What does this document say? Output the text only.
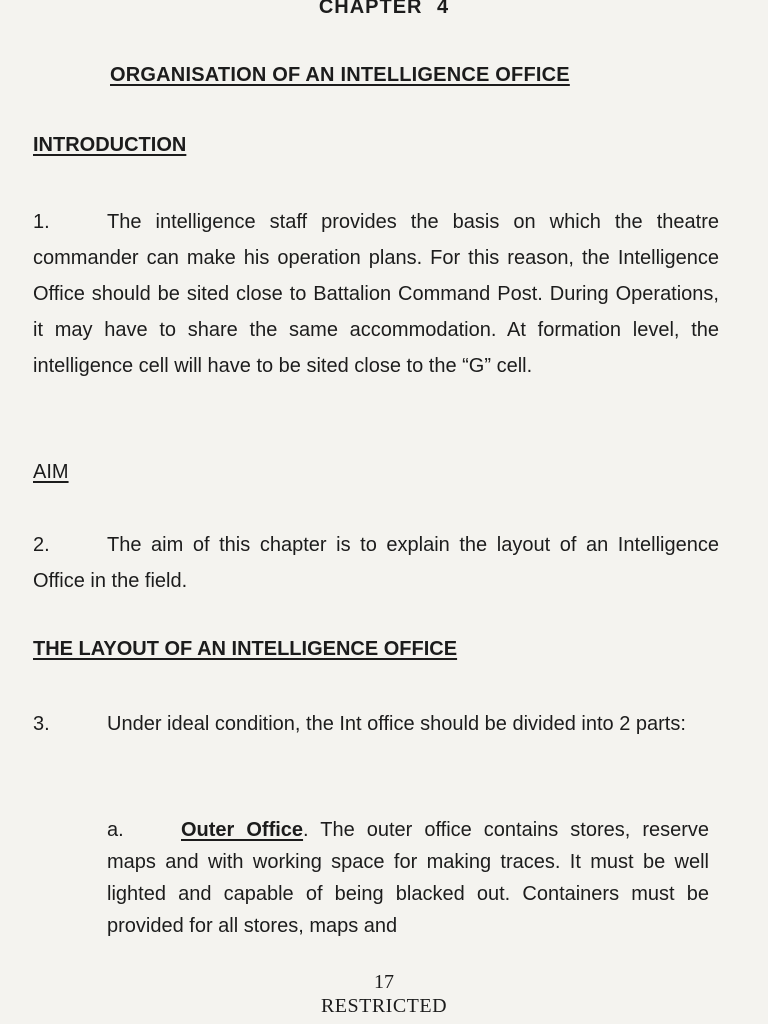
CHAPTER 4
ORGANISATION OF AN INTELLIGENCE OFFICE
INTRODUCTION

1.	The intelligence staff provides the basis on which the theatre commander can make his operation plans. For this reason, the Intelligence Office should be sited close to Battalion Command Post. During Operations, it may have to share the same accommodation. At formation level, the intelligence cell will have to be sited close to the “G” cell.

AIM

2.	The aim of this chapter is to explain the layout of an Intelligence Office in the field.

THE LAYOUT OF AN INTELLIGENCE OFFICE

3.	Under ideal condition, the Int office should be divided into 2 parts:

a.	Outer Office. The outer office contains stores, reserve maps and with working space for making traces. It must be well lighted and capable of being blacked out. Containers must be provided for all stores, maps and

17
RESTRICTED
